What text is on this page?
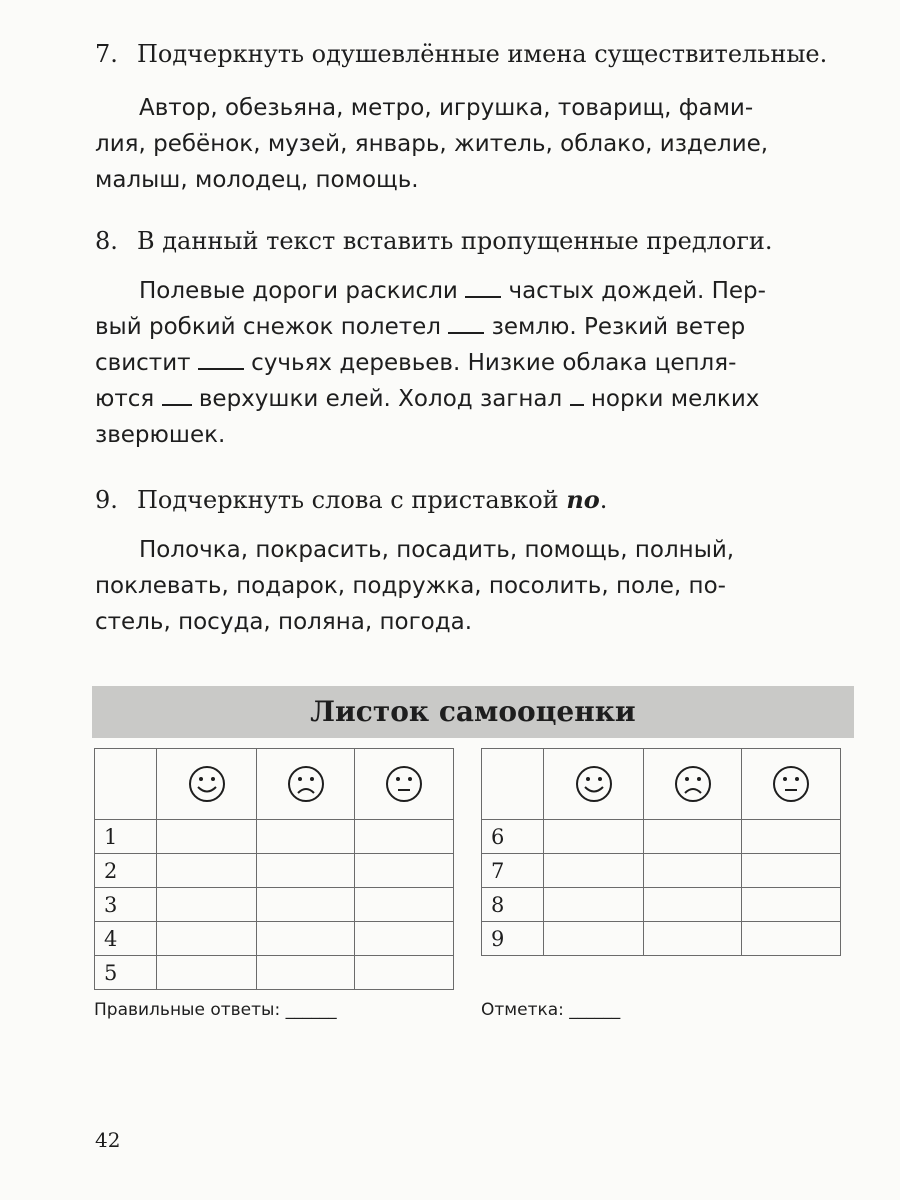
7. Подчеркнуть одушевлённые имена существительные.
Автор, обезьяна, метро, игрушка, товарищ, фами-
лия, ребёнок, музей, январь, житель, облако, изделие,
малыш, молодец, помощь.
8. В данный текст вставить пропущенные предлоги.
Полевые дороги раскисли частых дождей. Пер-
вый робкий снежок полетел землю. Резкий ветер
свистит	сучьях деревьев. Низкие облака цепля-
ются верхушки елей. Холод загнал норки мелких
зверюшек.
9. Подчеркнуть слова с приставкой по.
Полочка, покрасить, посадить, помощь, полный,
поклевать, подарок, подружка, посолить, поле, по-
стель, посуда, поляна, погода.
Листок самооценки

1			
2			
3			
4			
5			

6			
7			
8			
9			
Правильные ответы: ______	Отметка: ______
42
